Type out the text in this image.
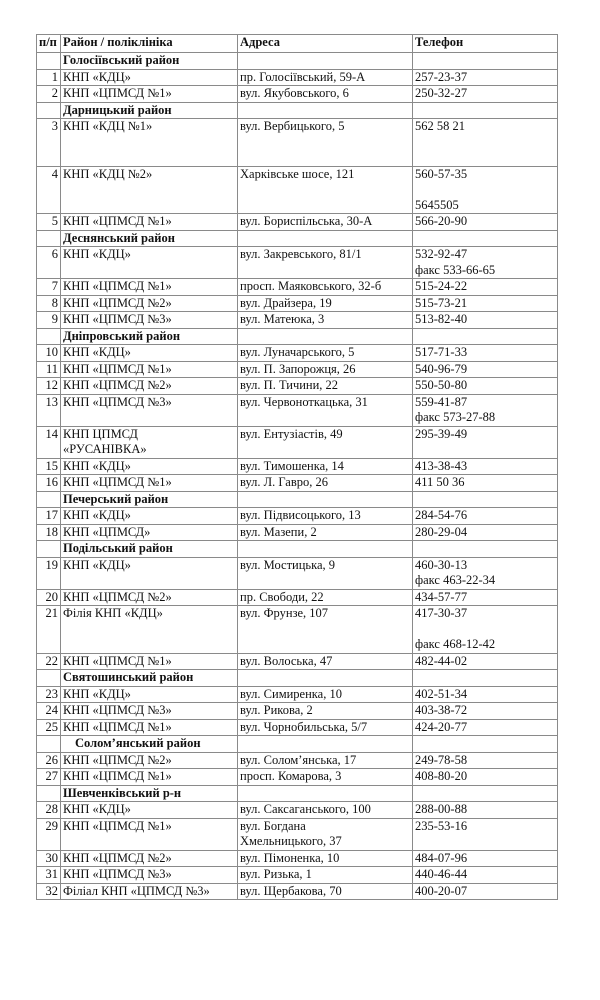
п/п	Район / поліклініка	Адреса	Телефон
	Голосіївський район		
1	КНП «КДЦ»	пр. Голосіївський, 59-А	257-23-37

2	КНП «ЦПМСД №1»	вул. Якубовського, 6	250-32-27

	Дарницький район		
3	КНП «КДЦ №1»	вул. Вербицького, 5	562 58 21

4	КНП «КДЦ №2»	Харківське шосе, 121	560-57-35

5645505

5	КНП «ЦПМСД №1»	вул. Бориспільська, 30-А	566-20-90

	Деснянський район		
6	КНП «КДЦ»	вул. Закревського, 81/1	532-92-47
факс 533-66-65

7	КНП «ЦПМСД №1»	просп. Маяковського, 32-б	515-24-22

8	КНП «ЦПМСД №2»	вул. Драйзера, 19	515-73-21

9	КНП «ЦПМСД №3»	вул. Матеюка, 3	513-82-40

	Дніпровський район		
10	КНП «КДЦ»	вул. Луначарського, 5	517-71-33

11	КНП «ЦПМСД №1»	вул. П. Запорожця, 26	540-96-79

12	КНП «ЦПМСД №2»	вул. П. Тичини, 22	550-50-80

13	КНП «ЦПМСД №3»	вул. Червоноткацька, 31	559-41-87
факс 573-27-88

14	КНП ЦПМСД
«РУСАНІВКА»	вул. Ентузіастів, 49	295-39-49

15	КНП «КДЦ»	вул. Тимошенка, 14	413-38-43

16	КНП «ЦПМСД №1»	вул. Л. Гавро, 26	411 50 36

	Печерський район		
17	КНП «КДЦ»	вул. Підвисоцького, 13	284-54-76

18	КНП «ЦПМСД»	вул. Мазепи, 2	280-29-04

	Подільський район		
19	КНП «КДЦ»	вул. Мостицька, 9	460-30-13
факс 463-22-34

20	КНП «ЦПМСД №2»	пр. Свободи, 22	434-57-77

21	Філія КНП «КДЦ»	вул. Фрунзе, 107	417-30-37

факс 468-12-42

22	КНП «ЦПМСД №1»	вул. Волоська, 47	482-44-02

	Святошинський район		
23	КНП «КДЦ»	вул. Симиренка, 10	402-51-34

24	КНП «ЦПМСД №3»	вул. Рикова, 2	403-38-72

25	КНП «ЦПМСД №1»	вул. Чорнобильська, 5/7	424-20-77

	Солом’янський район		
26	КНП «ЦПМСД №2»	вул. Солом’янська, 17	249-78-58

27	КНП «ЦПМСД №1»	просп. Комарова, 3	408-80-20

	Шевченківський р-н		
28	КНП «КДЦ»	вул. Саксаганського, 100	288-00-88

29	КНП «ЦПМСД №1»	вул. Богдана
Хмельницького, 37	235-53-16

30	КНП «ЦПМСД №2»	вул. Пімоненка, 10	484-07-96

31	КНП «ЦПМСД №3»	вул. Ризька, 1	440-46-44

32	Філіал КНП «ЦПМСД №3»	вул. Щербакова, 70	400-20-07
